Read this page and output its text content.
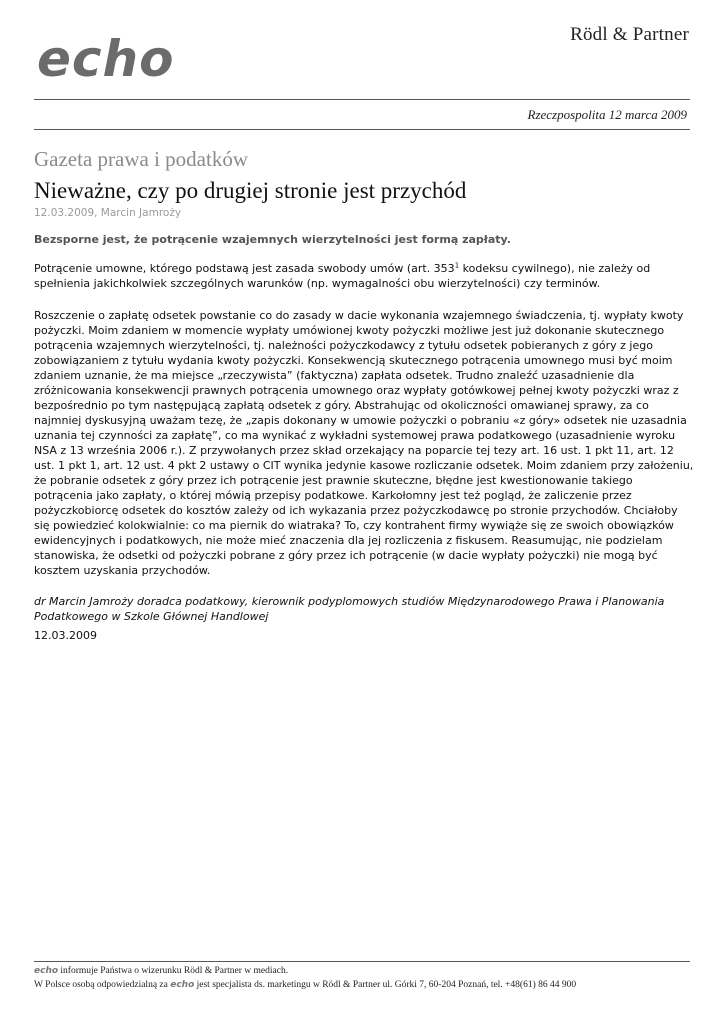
echo	Rödl & Partner
Rzeczpospolita 12 marca 2009
Gazeta prawa i podatków
Nieważne, czy po drugiej stronie jest przychód
12.03.2009, Marcin Jamroży

Bezsporne jest, że potrącenie wzajemnych wierzytelności jest formą zapłaty.

Potrącenie umowne, którego podstawą jest zasada swobody umów (art. $353^1$ kodeksu cywilnego), nie zależy od spełnienia jakichkolwiek szczególnych warunków (np. wymagalności obu wierzytelności) czy terminów.

Roszczenie o zapłatę odsetek powstanie co do zasady w dacie wykonania wzajemnego świadczenia, tj. wypłaty kwoty pożyczki. Moim zdaniem w momencie wypłaty umówionej kwoty pożyczki możliwe jest już dokonanie skutecznego potrącenia wzajemnych wierzytelności, tj. należności pożyczkodawcy z tytułu odsetek pobieranych z góry z jego zobowiązaniem z tytułu wydania kwoty pożyczki. Konsekwencją skutecznego potrącenia umownego musi być moim zdaniem uznanie, że ma miejsce „rzeczywista” (faktyczna) zapłata odsetek. Trudno znaleźć uzasadnienie dla zróżnicowania konsekwencji prawnych potrącenia umownego oraz wypłaty gotówkowej pełnej kwoty pożyczki wraz z bezpośrednio po tym następującą zapłatą odsetek z góry. Abstrahując od okoliczności omawianej sprawy, za co najmniej dyskusyjną uważam tezę, że „zapis dokonany w umowie pożyczki o pobraniu «z góry» odsetek nie uzasadnia uznania tej czynności za zapłatę”, co ma wynikać z wykładni systemowej prawa podatkowego (uzasadnienie wyroku NSA z 13 września 2006 r.). Z przywołanych przez skład orzekający na poparcie tej tezy art. 16 ust. 1 pkt 11, art. 12 ust. 1 pkt 1, art. 12 ust. 4 pkt 2 ustawy o CIT wynika jedynie kasowe rozliczanie odsetek. Moim zdaniem przy założeniu, że pobranie odsetek z góry przez ich potrącenie jest prawnie skuteczne, błędne jest kwestionowanie takiego potrącenia jako zapłaty, o której mówią przepisy podatkowe. Karkołomny jest też pogląd, że zaliczenie przez pożyczkobiorcę odsetek do kosztów zależy od ich wykazania przez pożyczkodawcę po stronie przychodów. Chciałoby się powiedzieć kolokwialnie: co ma piernik do wiatraka? To, czy kontrahent firmy wywiąże się ze swoich obowiązków ewidencyjnych i podatkowych, nie może mieć znaczenia dla jej rozliczenia z fiskusem. Reasumując, nie podzielam stanowiska, że odsetki od pożyczki pobrane z góry przez ich potrącenie (w dacie wypłaty pożyczki) nie mogą być kosztem uzyskania przychodów.

dr Marcin Jamroży doradca podatkowy, kierownik podyplomowych studiów Międzynarodowego Prawa i Planowania Podatkowego w Szkole Głównej Handlowej

12.03.2009

echo informuje Państwa o wizerunku Rödl & Partner w mediach.
W Polsce osobą odpowiedzialną za echo jest specjalista ds. marketingu w Rödl & Partner ul. Górki 7, 60-204 Poznań, tel. +48(61) 86 44 900
